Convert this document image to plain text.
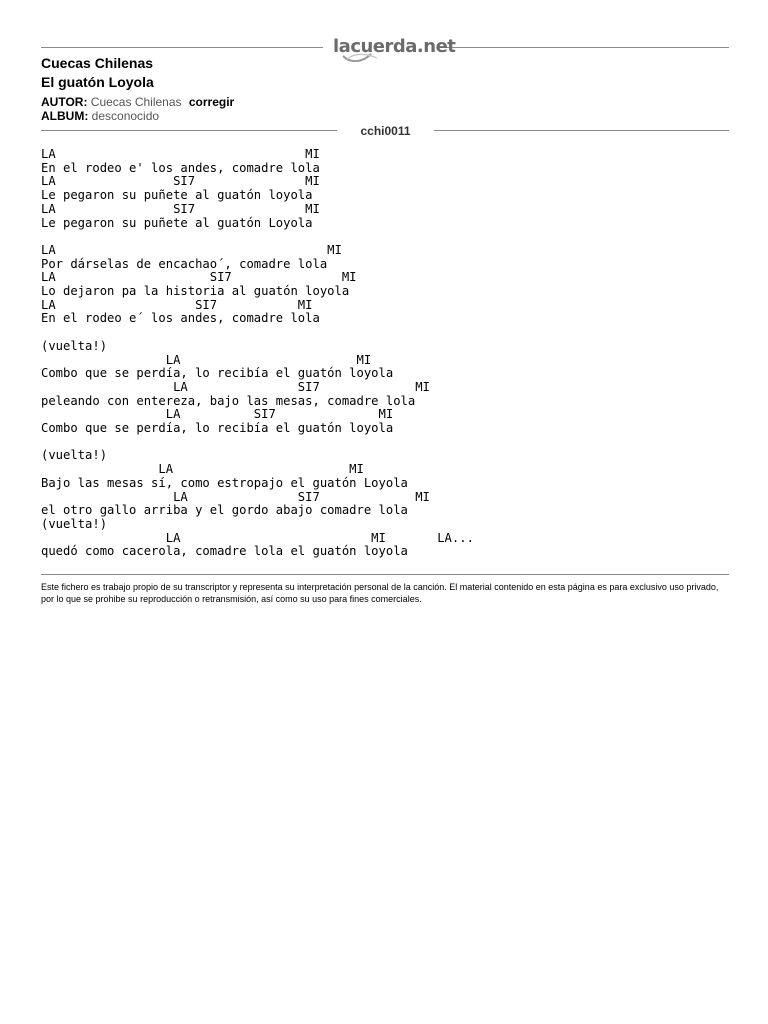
lacuerda.net
Cuecas Chilenas
El guatón Loyola
AUTOR: Cuecas Chilenas corregir
ALBUM: desconocido
cchi0011
LA                                  MI
En el rodeo e' los andes, comadre lola
LA                SI7               MI
Le pegaron su puñete al guatón loyola
LA                SI7               MI
Le pegaron su puñete al guatón Loyola

LA                                     MI
Por dárselas de encachao´, comadre lola
LA                     SI7               MI
Lo dejaron pa la historia al guatón loyola
LA                   SI7           MI
En el rodeo e´ los andes, comadre lola

(vuelta!)
LA                        MI
Combo que se perdía, lo recibía el guatón loyola
LA               SI7             MI
peleando con entereza, bajo las mesas, comadre lola
LA          SI7              MI
Combo que se perdía, lo recibía el guatón loyola

(vuelta!)
LA                        MI
Bajo las mesas sí, como estropajo el guatón Loyola
LA               SI7             MI
el otro gallo arriba y el gordo abajo comadre lola
(vuelta!)
LA                          MI       LA...
quedó como cacerola, comadre lola el guatón loyola
Este fichero es trabajo propio de su transcriptor y representa su interpretación personal de la canción. El material contenido en esta página es para exclusivo uso privado, por lo que se prohibe su reproducción o retransmisión, así como su uso para fines comerciales.
